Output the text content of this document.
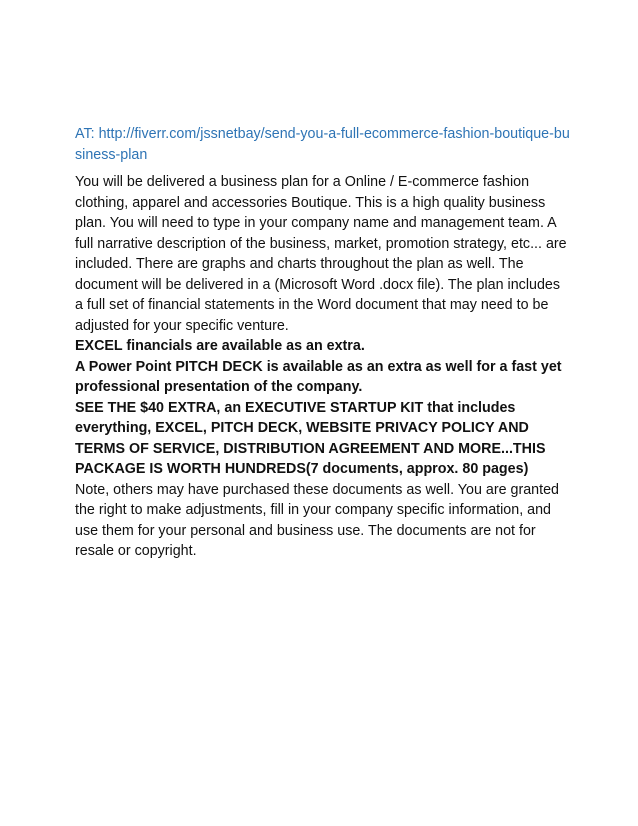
AT: http://fiverr.com/jssnetbay/send-you-a-full-ecommerce-fashion-boutique-business-plan

You will be delivered a business plan for a Online / E-commerce fashion clothing, apparel and accessories Boutique. This is a high quality business plan. You will need to type in your company name and management team. A full narrative description of the business, market, promotion strategy, etc... are included. There are graphs and charts throughout the plan as well. The document will be delivered in a (Microsoft Word .docx file). The plan includes a full set of financial statements in the Word document that may need to be adjusted for your specific venture.

EXCEL financials are available as an extra.

A Power Point PITCH DECK is available as an extra as well for a fast yet professional presentation of the company.

SEE THE $40 EXTRA, an EXECUTIVE STARTUP KIT that includes everything, EXCEL, PITCH DECK, WEBSITE PRIVACY POLICY AND TERMS OF SERVICE, DISTRIBUTION AGREEMENT AND MORE...THIS PACKAGE IS WORTH HUNDREDS(7 documents, approx. 80 pages)

Note, others may have purchased these documents as well. You are granted the right to make adjustments, fill in your company specific information, and use them for your personal and business use. The documents are not for resale or copyright.
